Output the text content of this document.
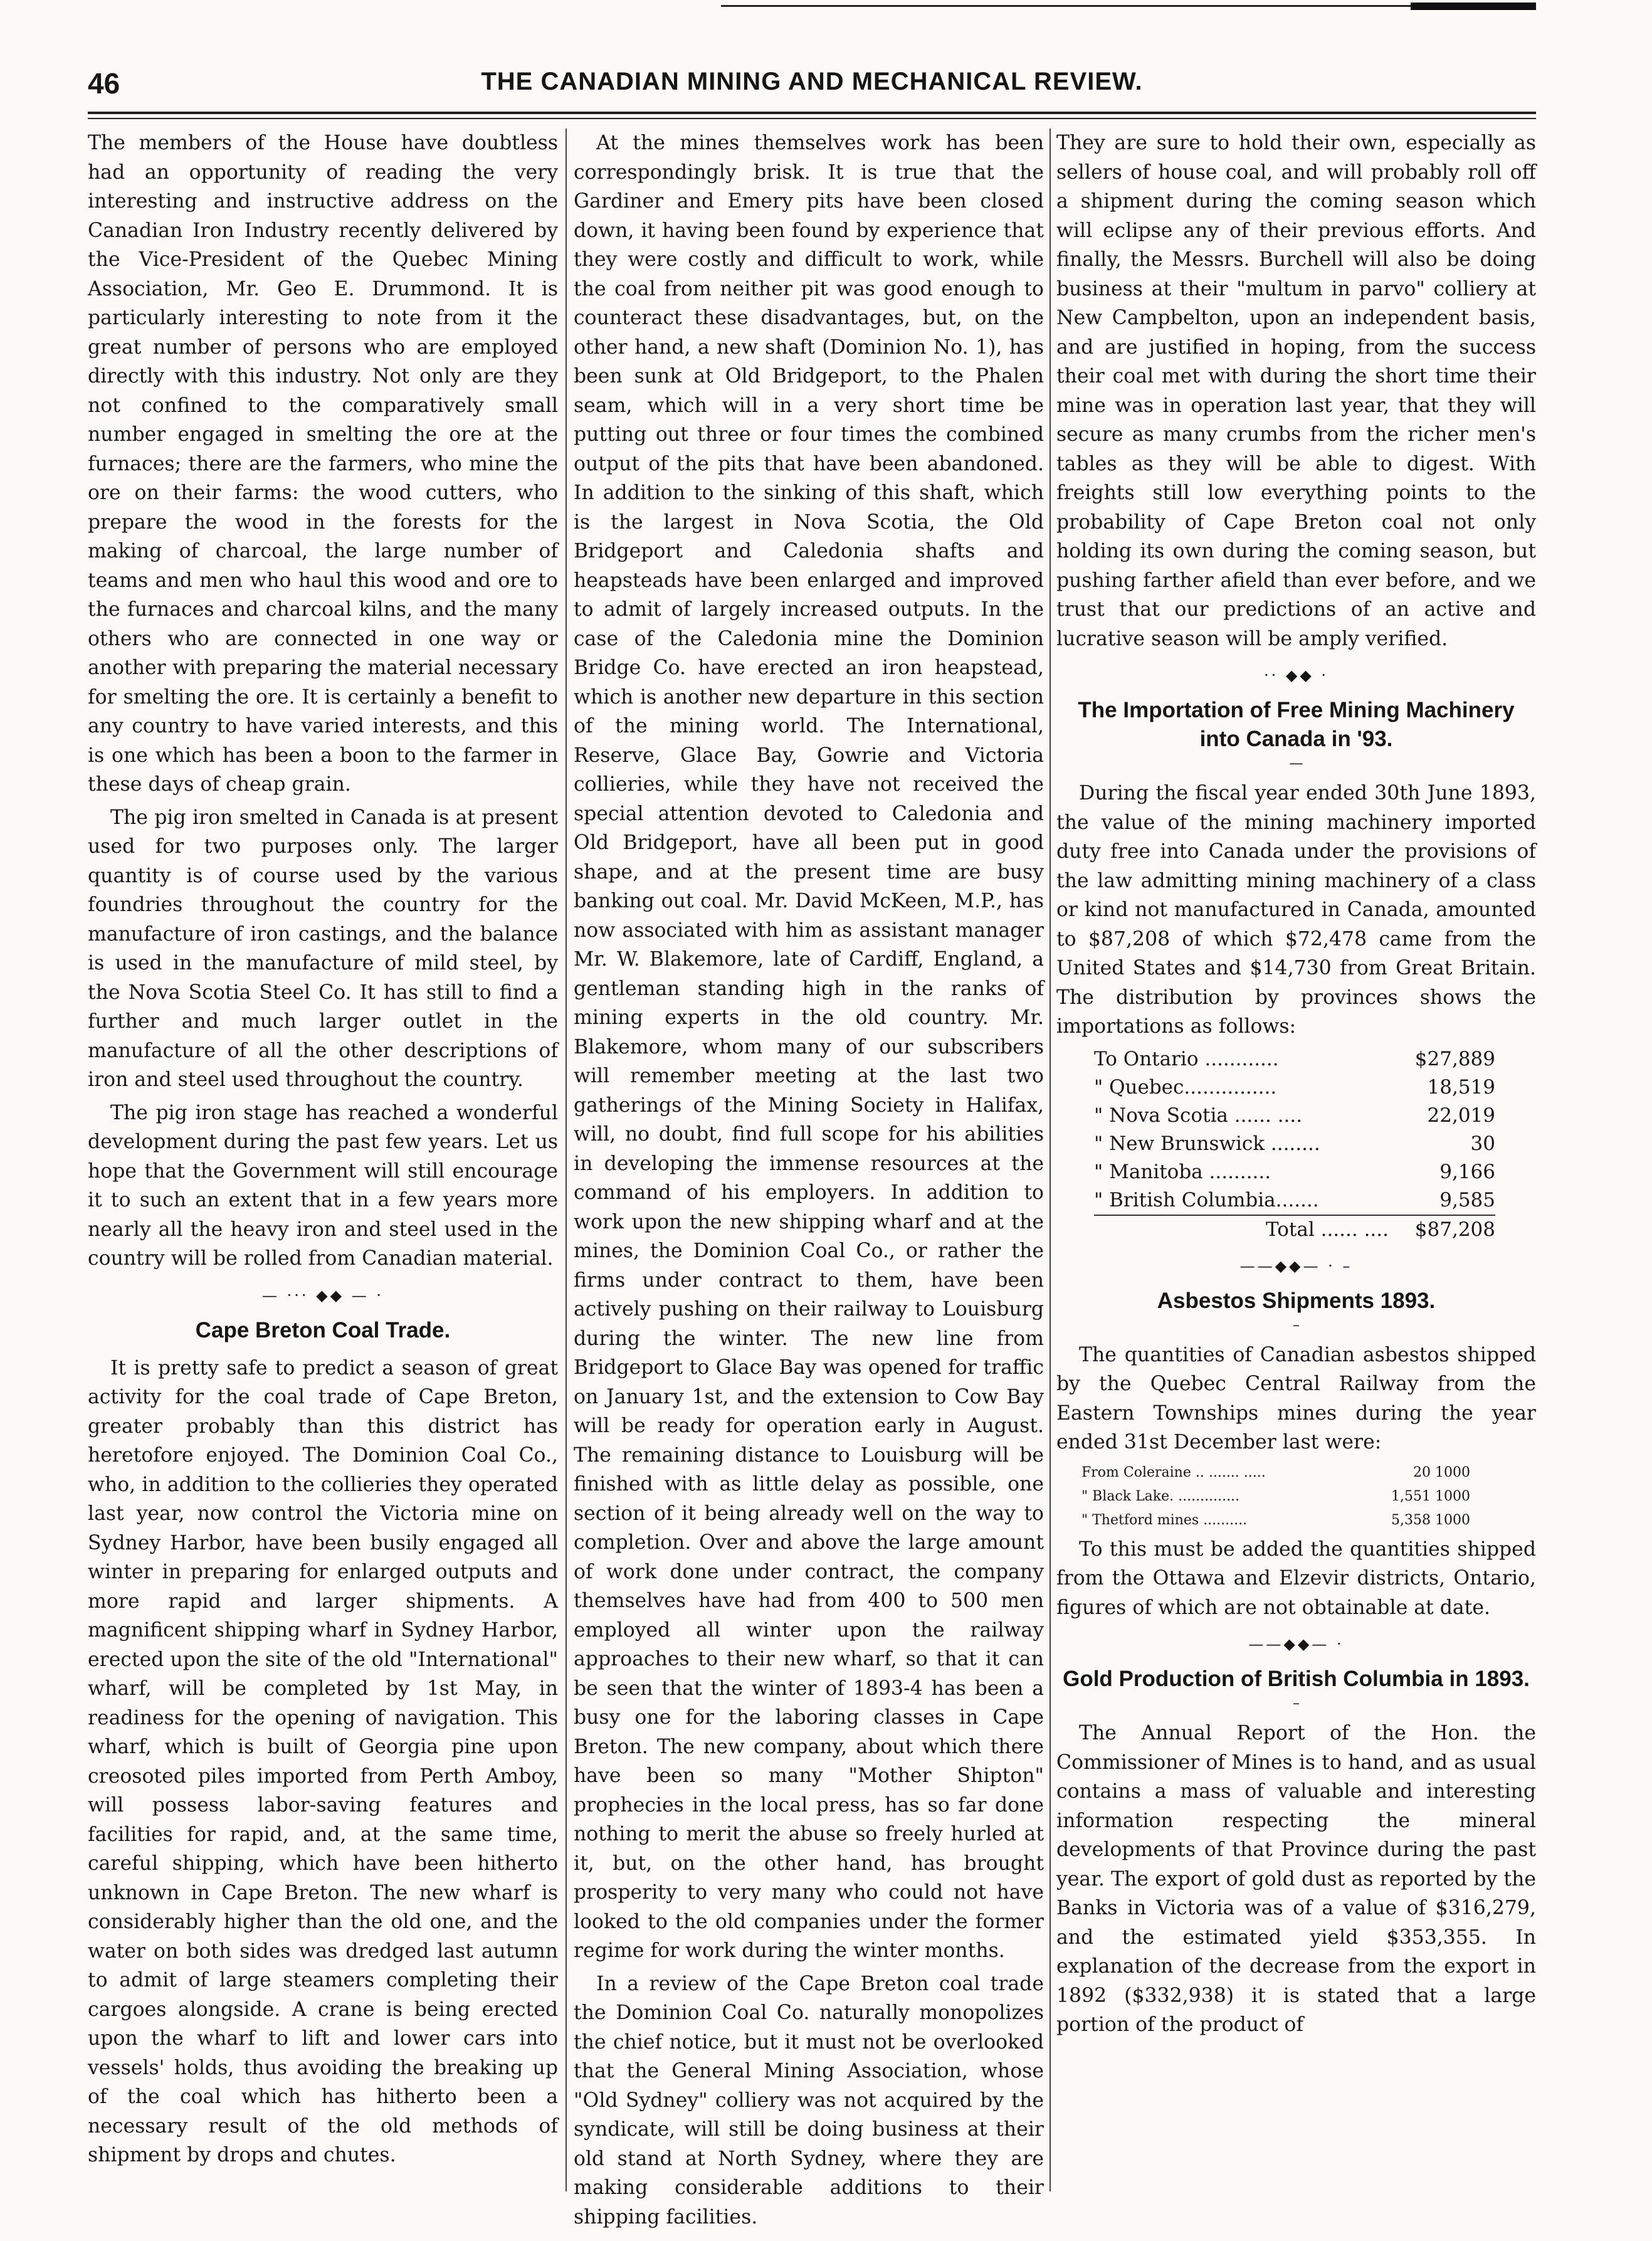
46	THE CANADIAN MINING AND MECHANICAL REVIEW.

The members of the House have doubtless had an opportunity of reading the very interesting and instructive address on the Canadian Iron Industry recently delivered by the Vice-President of the Quebec Mining Association, Mr. Geo E. Drummond. It is particularly interesting to note from it the great number of persons who are employed directly with this industry. Not only are they not confined to the comparatively small number engaged in smelting the ore at the furnaces; there are the farmers, who mine the ore on their farms: the wood cutters, who prepare the wood in the forests for the making of charcoal, the large number of teams and men who haul this wood and ore to the furnaces and charcoal kilns, and the many others who are connected in one way or another with preparing the material necessary for smelting the ore. It is certainly a benefit to any country to have varied interests, and this is one which has been a boon to the farmer in these days of cheap grain.

The pig iron smelted in Canada is at present used for two purposes only. The larger quantity is of course used by the various foundries throughout the country for the manufacture of iron castings, and the balance is used in the manufacture of mild steel, by the Nova Scotia Steel Co. It has still to find a further and much larger outlet in the manufacture of all the other descriptions of iron and steel used throughout the country.

The pig iron stage has reached a wonderful development during the past few years. Let us hope that the Government will still encourage it to such an extent that in a few years more nearly all the heavy iron and steel used in the country will be rolled from Canadian material.

— ··· ◆◆ — ·
Cape Breton Coal Trade.

It is pretty safe to predict a season of great activity for the coal trade of Cape Breton, greater probably than this district has heretofore enjoyed. The Dominion Coal Co., who, in addition to the collieries they operated last year, now control the Victoria mine on Sydney Harbor, have been busily engaged all winter in preparing for enlarged outputs and more rapid and larger shipments. A magnificent shipping wharf in Sydney Harbor, erected upon the site of the old "International" wharf, will be completed by 1st May, in readiness for the opening of navigation. This wharf, which is built of Georgia pine upon creosoted piles imported from Perth Amboy, will possess labor-saving features and facilities for rapid, and, at the same time, careful shipping, which have been hitherto unknown in Cape Breton. The new wharf is considerably higher than the old one, and the water on both sides was dredged last autumn to admit of large steamers completing their cargoes alongside. A crane is being erected upon the wharf to lift and lower cars into vessels' holds, thus avoiding the breaking up of the coal which has hitherto been a necessary result of the old methods of shipment by drops and chutes.

At the mines themselves work has been correspondingly brisk. It is true that the Gardiner and Emery pits have been closed down, it having been found by experience that they were costly and difficult to work, while the coal from neither pit was good enough to counteract these disadvantages, but, on the other hand, a new shaft (Dominion No. 1), has been sunk at Old Bridgeport, to the Phalen seam, which will in a very short time be putting out three or four times the combined output of the pits that have been abandoned. In addition to the sinking of this shaft, which is the largest in Nova Scotia, the Old Bridgeport and Caledonia shafts and heapsteads have been enlarged and improved to admit of largely increased outputs. In the case of the Caledonia mine the Dominion Bridge Co. have erected an iron heapstead, which is another new departure in this section of the mining world. The International, Reserve, Glace Bay, Gowrie and Victoria collieries, while they have not received the special attention devoted to Caledonia and Old Bridgeport, have all been put in good shape, and at the present time are busy banking out coal. Mr. David McKeen, M.P., has now associated with him as assistant manager Mr. W. Blakemore, late of Cardiff, England, a gentleman standing high in the ranks of mining experts in the old country. Mr. Blakemore, whom many of our subscribers will remember meeting at the last two gatherings of the Mining Society in Halifax, will, no doubt, find full scope for his abilities in developing the immense resources at the command of his employers. In addition to work upon the new shipping wharf and at the mines, the Dominion Coal Co., or rather the firms under contract to them, have been actively pushing on their railway to Louisburg during the winter. The new line from Bridgeport to Glace Bay was opened for traffic on January 1st, and the extension to Cow Bay will be ready for operation early in August. The remaining distance to Louisburg will be finished with as little delay as possible, one section of it being already well on the way to completion. Over and above the large amount of work done under contract, the company themselves have had from 400 to 500 men employed all winter upon the railway approaches to their new wharf, so that it can be seen that the winter of 1893-4 has been a busy one for the laboring classes in Cape Breton. The new company, about which there have been so many "Mother Shipton" prophecies in the local press, has so far done nothing to merit the abuse so freely hurled at it, but, on the other hand, has brought prosperity to very many who could not have looked to the old companies under the former regime for work during the winter months.

In a review of the Cape Breton coal trade the Dominion Coal Co. naturally monopolizes the chief notice, but it must not be overlooked that the General Mining Association, whose "Old Sydney" colliery was not acquired by the syndicate, will still be doing business at their old stand at North Sydney, where they are making considerable additions to their shipping facilities.

They are sure to hold their own, especially as sellers of house coal, and will probably roll off a shipment during the coming season which will eclipse any of their previous efforts. And finally, the Messrs. Burchell will also be doing business at their "multum in parvo" colliery at New Campbelton, upon an independent basis, and are justified in hoping, from the success their coal met with during the short time their mine was in operation last year, that they will secure as many crumbs from the richer men's tables as they will be able to digest. With freights still low everything points to the probability of Cape Breton coal not only holding its own during the coming season, but pushing farther afield than ever before, and we trust that our predictions of an active and lucrative season will be amply verified.

·· ◆◆ ·
The Importation of Free Mining Machinery into Canada in '93.
—

During the fiscal year ended 30th June 1893, the value of the mining machinery imported duty free into Canada under the provisions of the law admitting mining machinery of a class or kind not manufactured in Canada, amounted to $87,208 of which $72,478 came from the United States and $14,730 from Great Britain. The distribution by provinces shows the importations as follows:

To Ontario ............	$27,889
" Quebec...............	18,519
" Nova Scotia ...... ....	22,019
" New Brunswick ........	30
" Manitoba ..........	9,166
" British Columbia.......	9,585
Total ...... ....	$87,208
——◆◆— · –
Asbestos Shipments 1893.
–

The quantities of Canadian asbestos shipped by the Quebec Central Railway from the Eastern Townships mines during the year ended 31st December last were:

From Coleraine .. ....... .....	20 1000
" Black Lake. ..............	1,551 1000
" Thetford mines ..........	5,358 1000

To this must be added the quantities shipped from the Ottawa and Elzevir districts, Ontario, figures of which are not obtainable at date.

——◆◆— ·
Gold Production of British Columbia in 1893.
–

The Annual Report of the Hon. the Commissioner of Mines is to hand, and as usual contains a mass of valuable and interesting information respecting the mineral developments of that Province during the past year. The export of gold dust as reported by the Banks in Victoria was of a value of $316,279, and the estimated yield $353,355. In explanation of the decrease from the export in 1892 ($332,938) it is stated that a large portion of the product of
